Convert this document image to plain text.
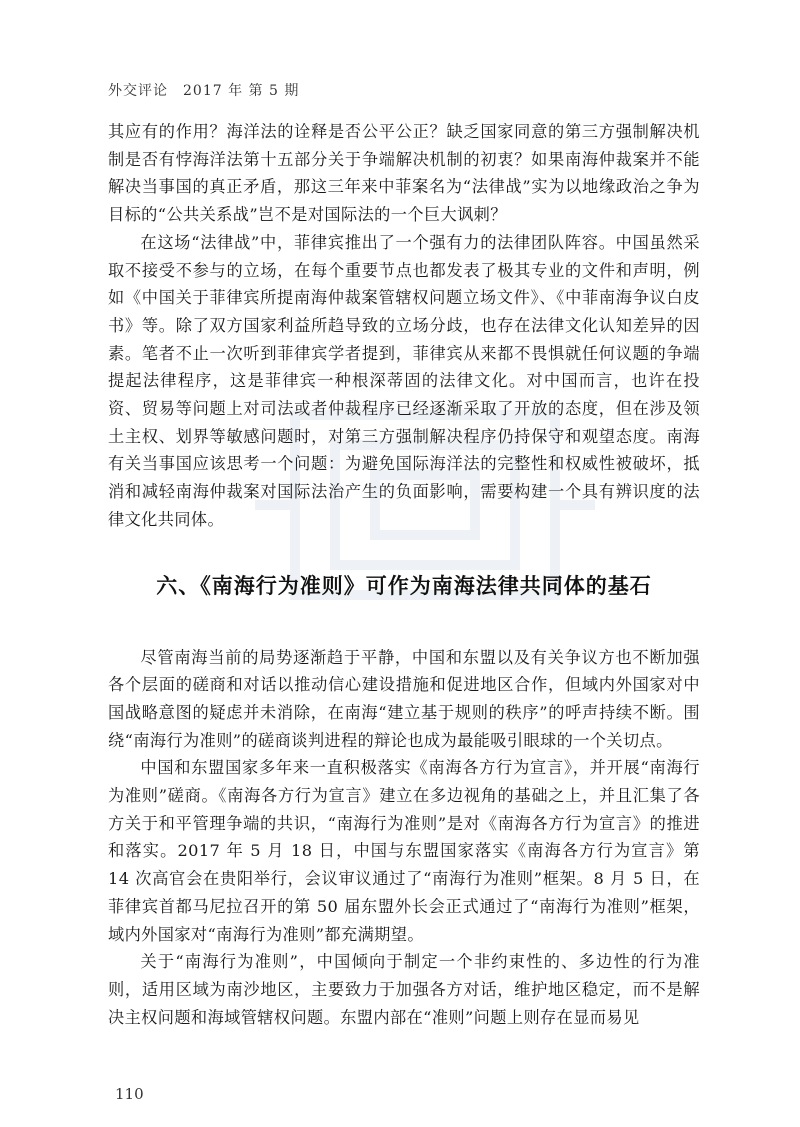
外交评论　2017 年 第 5 期

其应有的作用？海洋法的诠释是否公平公正？缺乏国家同意的第三方强制解决机制是否有悖海洋法第十五部分关于争端解决机制的初衷？如果南海仲裁案并不能解决当事国的真正矛盾，那这三年来中菲案名为“法律战”实为以地缘政治之争为目标的“公共关系战”岂不是对国际法的一个巨大讽刺？

在这场“法律战”中，菲律宾推出了一个强有力的法律团队阵容。中国虽然采取不接受不参与的立场，在每个重要节点也都发表了极其专业的文件和声明，例如《中国关于菲律宾所提南海仲裁案管辖权问题立场文件》、《中菲南海争议白皮书》等。除了双方国家利益所趋导致的立场分歧，也存在法律文化认知差异的因素。笔者不止一次听到菲律宾学者提到，菲律宾从来都不畏惧就任何议题的争端提起法律程序，这是菲律宾一种根深蒂固的法律文化。对中国而言，也许在投资、贸易等问题上对司法或者仲裁程序已经逐渐采取了开放的态度，但在涉及领土主权、划界等敏感问题时，对第三方强制解决程序仍持保守和观望态度。南海有关当事国应该思考一个问题：为避免国际海洋法的完整性和权威性被破坏，抵消和减轻南海仲裁案对国际法治产生的负面影响，需要构建一个具有辨识度的法律文化共同体。

六、《南海行为准则》可作为南海法律共同体的基石

尽管南海当前的局势逐渐趋于平静，中国和东盟以及有关争议方也不断加强各个层面的磋商和对话以推动信心建设措施和促进地区合作，但域内外国家对中国战略意图的疑虑并未消除，在南海“建立基于规则的秩序”的呼声持续不断。围绕“南海行为准则”的磋商谈判进程的辩论也成为最能吸引眼球的一个关切点。

中国和东盟国家多年来一直积极落实《南海各方行为宣言》，并开展“南海行为准则”磋商。《南海各方行为宣言》建立在多边视角的基础之上，并且汇集了各方关于和平管理争端的共识，“南海行为准则”是对《南海各方行为宣言》的推进和落实。2017 年 5 月 18 日，中国与东盟国家落实《南海各方行为宣言》第 14 次高官会在贵阳举行，会议审议通过了“南海行为准则”框架。8 月 5 日，在菲律宾首都马尼拉召开的第 50 届东盟外长会正式通过了“南海行为准则”框架，域内外国家对“南海行为准则”都充满期望。

关于“南海行为准则”，中国倾向于制定一个非约束性的、多边性的行为准则，适用区域为南沙地区，主要致力于加强各方对话，维护地区稳定，而不是解决主权问题和海域管辖权问题。东盟内部在“准则”问题上则存在显而易见

110
